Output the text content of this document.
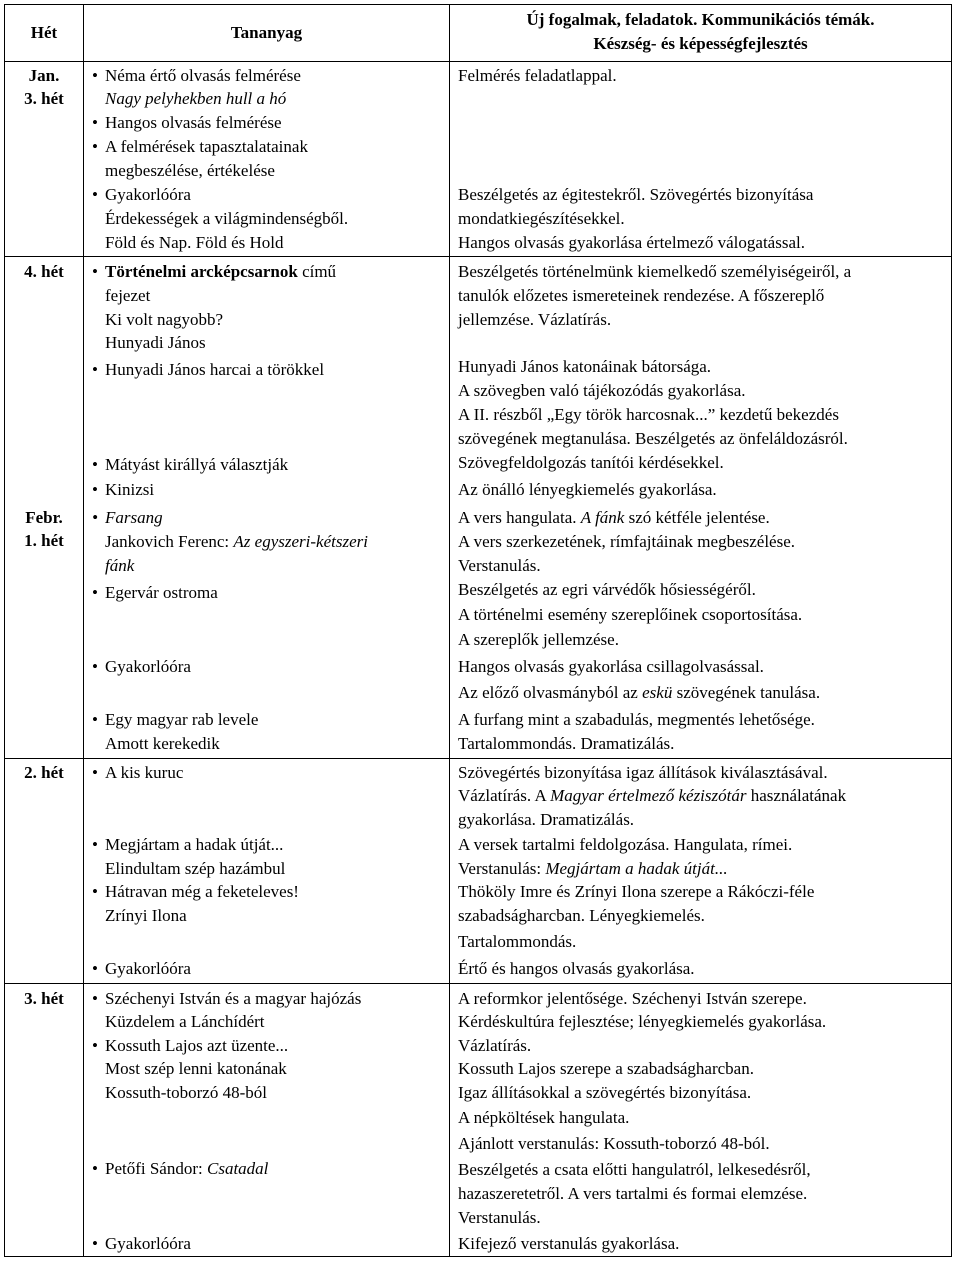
Hét	Tananyag
Új fogalmak, feladatok. Kommunikációs témák.
Készség- és képességfejlesztés
Jan.
3. hét
4. hét
Febr.
1. hét
2. hét
3. hét
• Néma értő olvasás felmérése
Nagy pelyhekben hull a hó
• Hangos olvasás felmérése
• A felmérések tapasztalatainak
megbeszélése, értékelése
• Gyakorlóóra
Érdekességek a világmindenségből.
Föld és Nap. Föld és Hold
• Történelmi arcképcsarnok című
fejezet
Ki volt nagyobb?
Hunyadi János
• Hunyadi János harcai a törökkel
• Mátyást királlyá választják
• Kinizsi
• Farsang
Jankovich Ferenc: Az egyszeri-kétszeri
fánk
• Egervár ostroma
• Gyakorlóóra
• Egy magyar rab levele
Amott kerekedik
• A kis kuruc
• Megjártam a hadak útját...
Elindultam szép hazámbul
• Hátravan még a feketeleves!
Zrínyi Ilona
• Gyakorlóóra
• Széchenyi István és a magyar hajózás
Küzdelem a Lánchídért
• Kossuth Lajos azt üzente...
Most szép lenni katonának
Kossuth-toborzó 48-ból
• Petőfi Sándor: Csatadal
• Gyakorlóóra
Felmérés feladatlappal.
Beszélgetés az égitestekről. Szövegértés bizonyítása
mondatkiegészítésekkel.
Hangos olvasás gyakorlása értelmező válogatással.
Beszélgetés történelmünk kiemelkedő személyiségeiről, a
tanulók előzetes ismereteinek rendezése. A főszereplő
jellemzése. Vázlatírás.
Hunyadi János katonáinak bátorsága.
A szövegben való tájékozódás gyakorlása.
A II. részből „Egy török harcosnak...” kezdetű bekezdés
szövegének megtanulása. Beszélgetés az önfeláldozásról.
Szövegfeldolgozás tanítói kérdésekkel.
Az önálló lényegkiemelés gyakorlása.
A vers hangulata. A fánk szó kétféle jelentése.
A vers szerkezetének, rímfajtáinak megbeszélése.
Verstanulás.
Beszélgetés az egri várvédők hősiességéről.
A történelmi esemény szereplőinek csoportosítása.
A szereplők jellemzése.
Hangos olvasás gyakorlása csillagolvasással.
Az előző olvasmányból az eskü szövegének tanulása.
A furfang mint a szabadulás, megmentés lehetősége.
Tartalommondás. Dramatizálás.
Szövegértés bizonyítása igaz állítások kiválasztásával.
Vázlatírás. A Magyar értelmező kéziszótár használatának
gyakorlása. Dramatizálás.
A versek tartalmi feldolgozása. Hangulata, rímei.
Verstanulás: Megjártam a hadak útját...
Thököly Imre és Zrínyi Ilona szerepe a Rákóczi-féle
szabadságharcban. Lényegkiemelés.
Tartalommondás.
Értő és hangos olvasás gyakorlása.
A reformkor jelentősége. Széchenyi István szerepe.
Kérdéskultúra fejlesztése; lényegkiemelés gyakorlása.
Vázlatírás.
Kossuth Lajos szerepe a szabadságharcban.
Igaz állításokkal a szövegértés bizonyítása.
A népköltések hangulata.
Ajánlott verstanulás: Kossuth-toborzó 48-ból.
Beszélgetés a csata előtti hangulatról, lelkesedésről,
hazaszeretetről. A vers tartalmi és formai elemzése.
Verstanulás.
Kifejező verstanulás gyakorlása.
